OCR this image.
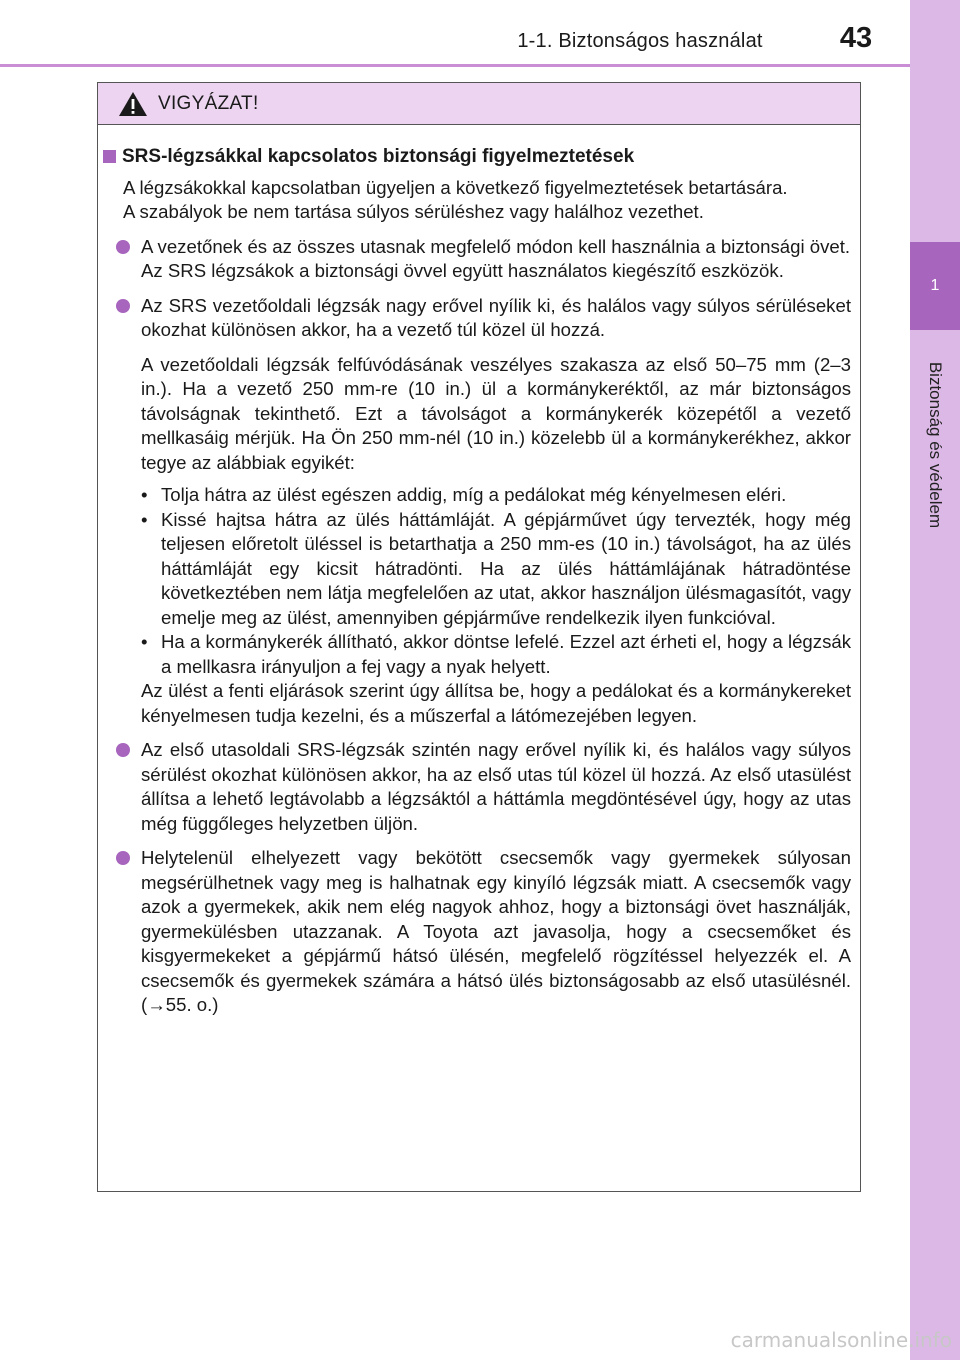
1-1. Biztonságos használat	43
1
Biztonság és védelem
VIGYÁZAT!
SRS-légzsákkal kapcsolatos biztonsági figyelmeztetések

A légzsákokkal kapcsolatban ügyeljen a következő figyelmeztetések betartására.

A szabályok be nem tartása súlyos sérüléshez vagy halálhoz vezethet.

A vezetőnek és az összes utasnak megfelelő módon kell használnia a biztonsági övet.

Az SRS légzsákok a biztonsági övvel együtt használatos kiegészítő eszközök.

Az SRS vezetőoldali légzsák nagy erővel nyílik ki, és halálos vagy súlyos sérüléseket okozhat különösen akkor, ha a vezető túl közel ül hozzá.

A vezetőoldali légzsák felfúvódásának veszélyes szakasza az első 50–75 mm (2–3 in.). Ha a vezető 250 mm-re (10 in.) ül a kormánykeréktől, az már biztonságos távolságnak tekinthető. Ezt a távolságot a kormánykerék közepétől a vezető mellkasáig mérjük. Ha Ön 250 mm-nél (10 in.) közelebb ül a kormánykerékhez, akkor tegye az alábbiak egyikét:

• Tolja hátra az ülést egészen addig, míg a pedálokat még kényelmesen eléri.
• Kissé hajtsa hátra az ülés háttámláját. A gépjárművet úgy tervezték, hogy még teljesen előretolt üléssel is betarthatja a 250 mm-es (10 in.) távolságot, ha az ülés háttámláját egy kicsit hátradönti. Ha az ülés háttámlájának hátradöntése következtében nem látja megfelelően az utat, akkor használjon ülésmagasítót, vagy emelje meg az ülést, amennyiben gépjárműve rendelkezik ilyen funkcióval.
• Ha a kormánykerék állítható, akkor döntse lefelé. Ezzel azt érheti el, hogy a légzsák a mellkasra irányuljon a fej vagy a nyak helyett.

Az ülést a fenti eljárások szerint úgy állítsa be, hogy a pedálokat és a kormánykereket kényelmesen tudja kezelni, és a műszerfal a látómezejében legyen.

Az első utasoldali SRS-légzsák szintén nagy erővel nyílik ki, és halálos vagy súlyos sérülést okozhat különösen akkor, ha az első utas túl közel ül hozzá. Az első utasülést állítsa a lehető legtávolabb a légzsáktól a háttámla megdöntésével úgy, hogy az utas még függőleges helyzetben üljön.

Helytelenül elhelyezett vagy bekötött csecsemők vagy gyermekek súlyosan megsérülhetnek vagy meg is halhatnak egy kinyíló légzsák miatt. A csecsemők vagy azok a gyermekek, akik nem elég nagyok ahhoz, hogy a biztonsági övet használják, gyermekülésben utazzanak. A Toyota azt javasolja, hogy a csecsemőket és kisgyermekeket a gépjármű hátsó ülésén, megfelelő rögzítéssel helyezzék el. A csecsemők és gyermekek számára a hátsó ülés biztonságosabb az első utasülésnél. (→55. o.)

carmanualsonline.info
